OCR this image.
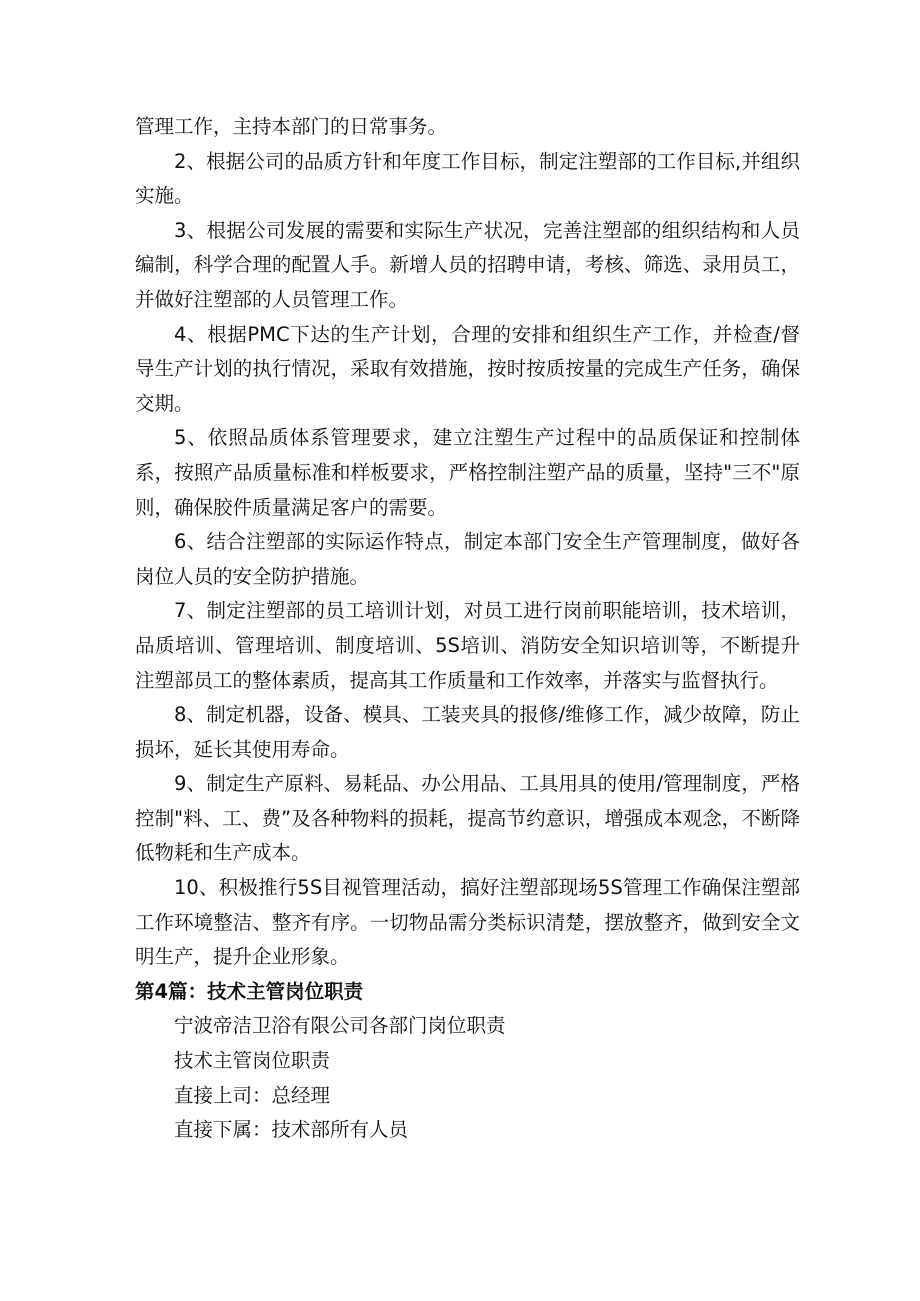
管理工作，主持本部门的日常事务。

2、根据公司的品质方针和年度工作目标，制定注塑部的工作目标,并组织实施。

3、根据公司发展的需要和实际生产状况，完善注塑部的组织结构和人员编制，科学合理的配置人手。新增人员的招聘申请，考核、筛选、录用员工，并做好注塑部的人员管理工作。

4、根据PMC下达的生产计划，合理的安排和组织生产工作，并检查/督导生产计划的执行情况，采取有效措施，按时按质按量的完成生产任务，确保交期。

5、依照品质体系管理要求，建立注塑生产过程中的品质保证和控制体系，按照产品质量标准和样板要求，严格控制注塑产品的质量，坚持"三不"原则，确保胶件质量满足客户的需要。

6、结合注塑部的实际运作特点，制定本部门安全生产管理制度，做好各岗位人员的安全防护措施。

7、制定注塑部的员工培训计划，对员工进行岗前职能培训，技术培训，品质培训、管理培训、制度培训、5S培训、消防安全知识培训等，不断提升注塑部员工的整体素质，提高其工作质量和工作效率，并落实与监督执行。

8、制定机器，设备、模具、工装夹具的报修/维修工作，减少故障，防止损坏，延长其使用寿命。

9、制定生产原料、易耗品、办公用品、工具用具的使用/管理制度，严格控制"料、工、费”及各种物料的损耗，提高节约意识，增强成本观念，不断降低物耗和生产成本。

10、积极推行5S目视管理活动，搞好注塑部现场5S管理工作确保注塑部工作环境整洁、整齐有序。一切物品需分类标识清楚，摆放整齐，做到安全文明生产，提升企业形象。

第4篇：技术主管岗位职责

宁波帝洁卫浴有限公司各部门岗位职责

技术主管岗位职责

直接上司：总经理

直接下属：技术部所有人员
